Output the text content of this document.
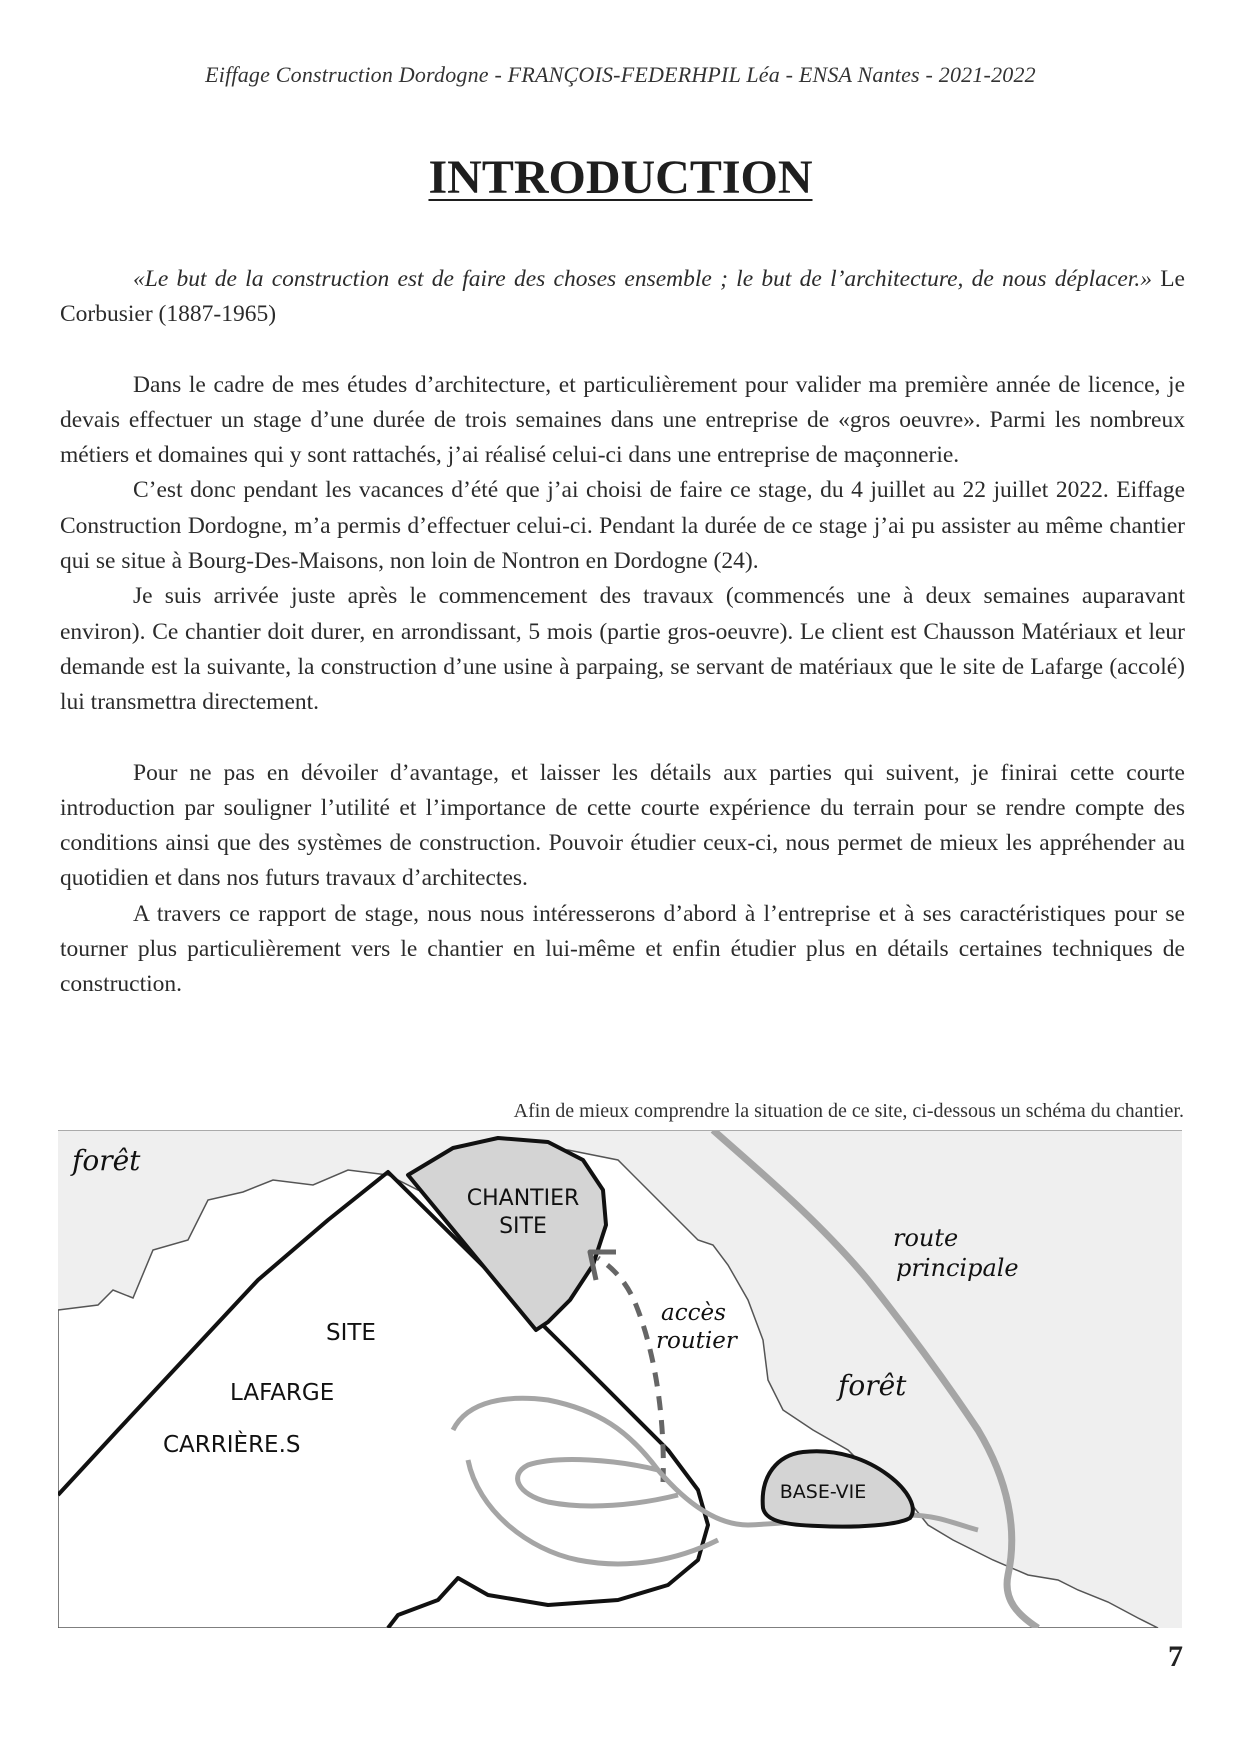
Eiffage Construction Dordogne - FRANÇOIS-FEDERHPIL Léa - ENSA Nantes - 2021-2022
INTRODUCTION

«Le but de la construction est de faire des choses ensemble ; le but de l’architecture, de nous déplacer.» Le Corbusier (1887-1965)

Dans le cadre de mes études d’architecture, et particulièrement pour valider ma première année de licence, je devais effectuer un stage d’une durée de trois semaines dans une entreprise de «gros oeuvre». Parmi les nombreux métiers et domaines qui y sont rattachés, j’ai réalisé celui-ci dans une entreprise de maçonnerie.

C’est donc pendant les vacances d’été que j’ai choisi de faire ce stage, du 4 juillet au 22 juillet 2022. Eiffage Construction Dordogne, m’a permis d’effectuer celui-ci. Pendant la durée de ce stage j’ai pu assister au même chantier qui se situe à Bourg-Des-Maisons, non loin de Nontron en Dordogne (24).

Je suis arrivée juste après le commencement des travaux (commencés une à deux semaines auparavant environ). Ce chantier doit durer, en arrondissant, 5 mois (partie gros-oeuvre). Le client est Chausson Matériaux et leur demande est la suivante, la construction d’une usine à parpaing, se servant de matériaux que le site de Lafarge (accolé) lui transmettra directement.

Pour ne pas en dévoiler d’avantage, et laisser les détails aux parties qui suivent, je finirai cette courte introduction par souligner l’utilité et l’importance de cette courte expérience du terrain pour se rendre compte des conditions ainsi que des systèmes de construction. Pouvoir étudier ceux-ci, nous permet de mieux les appréhender au quotidien et dans nos futurs travaux d’architectes.

A travers ce rapport de stage, nous nous intéresserons d’abord à l’entreprise et à ses caractéristiques pour se tourner plus particulièrement vers le chantier en lui-même et enfin étudier plus en détails certaines techniques de construction.

Afin de mieux comprendre la situation de ce site, ci-dessous un schéma du chantier.
CHANTIER
SITE	route
principale
accès
routier
SITE
LAFARGE
CARRIÈRE.S
forêt
BASE-VIE
forêt
7
